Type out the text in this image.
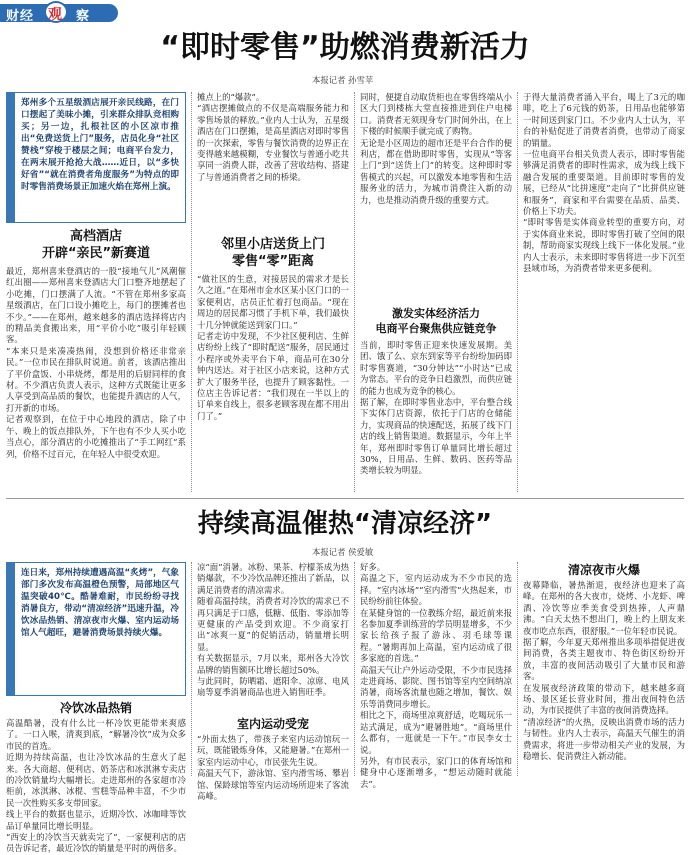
财经 观 察
“即时零售”助燃消费新活力
本报记者 孙雪苹
郑州多个五星级酒店展开亲民线路，在门口摆起了美味小摊，引来群众排队竞相购买；另一边，扎根社区的小区凉市推出“免费送货上门”服务，店员化身“社区赞栈”穿梭于楼层之间；电商平台发力，在两末展开抢抢大战……近日，以“多快好省”“就在消费者角度服务”为特点的即时零售消费场景正加速火焰在郑州上演。
高档酒店
开辟“亲民”新赛道
最近，郑州喜来登酒店的一股“接地气儿”风潮催红出圈——郑州喜来登酒店大门口整齐地摆起了小吃摊，门口摆满了人流。“不管在郑州多家高星级酒店，在门口设小摊吃上，每门的摆摊者也不少。”——在郑州，越来越多的酒店选择将店内的精品美食搬出来，用“平价小吃”吸引年轻顾客。
“本来只是来凑凑热闹，没想到价格还非常亲民。”一位市民在排队时说道。前者，该酒店推出了平价盒饭、小串烧烤，都是用的后厨同样的食材。不少酒店负责人表示，这种方式既能让更多人享受到高品质的餐饮，也能提升酒店的人气，打开新的市场。
记者观察到，在位于中心地段的酒店，除了中午、晚上的饭点排队外，下午也有不少人买小吃当点心，部分酒店的小吃摊推出了“手工网红”系列，价格不过百元，在年轻人中很受欢迎。
摊点上的“爆款”。
“酒店摆摊做点的不仅是高端服务能力和零售场景的释放。”业内人士认为，五星级酒店在门口摆摊，是高星酒店对即时零售的一次探索，零售与餐饮消费的边界正在变得越来越模糊，专业餐饮与普通小吃共享同一消费人群，改善了营收结构、搭建了与普通消费者之间的桥梁。
邻里小店送货上门
零售“零”距离
“做社区的生意，对接居民的需求才是长久之道。”在郑州市金水区某小区门口的一家便利店，店员正忙着打包商品。“现在周边的居民都习惯了手机下单，我们最快十几分钟就能送到家门口。”
记者走访中发现，不少社区便利店、生鲜店纷纷上线了“即时配送”服务，居民通过小程序或外卖平台下单，商品可在30分钟内送达。对于社区小店来说，这种方式扩大了服务半径，也提升了顾客黏性。一位店主告诉记者：“我们现在一半以上的订单来自线上，很多老顾客现在都不用出门了。”
同时，便捷自动取货柜也在零售终端从小区大门到楼栋大堂直接推进到住户电梯口。消费者无须现身专门时间外出，在上下楼的时候顺手就完成了购物。
无论是小区周边的超市还是平台合作的便利店，都在借助即时零售，实现从“等客上门”到“送货上门”的转变。这种即时零售模式的兴起，可以激发本地零售和生活服务业的活力，为城市消费注入新的动力，也是推动消费升级的重要方式。
激发实体经济活力
电商平台聚焦供应链竞争
当前，即时零售正迎来快速发展期。美团、饿了么、京东到家等平台纷纷加码即时零售赛道，“30分钟达”“小时达”已成为常态。平台的竞争日趋激烈，而供应链的能力也成为竞争的核心。
据了解，在即时零售业态中，平台整合线下实体门店资源，依托于门店的仓储能力，实现商品的快速配送，拓展了线下门店的线上销售渠道。数据显示，今年上半年，郑州即时零售订单量同比增长超过30%，日用品、生鲜、数码、医药等品类增长较为明显。
于得大量消费者涌入平台，喝上了3元的咖啡，吃上了6元钱的奶茶，日用品也能够第一时间送到家门口。不少业内人士认为，平台的补贴促进了消费者消费，也带动了商家的销量。
一位电商平台相关负责人表示，即时零售能够满足消费者的即时性需求，成为线上线下融合发展的重要渠道。目前即时零售的发展，已经从“比拼速度”走向了“比拼供应链和服务”，商家和平台需要在品质、品类、价格上下功夫。
“即时零售是实体商业转型的重要方向，对于实体商业来说，即时零售打破了空间的限制，帮助商家实现线上线下一体化发展。”业内人士表示，未来即时零售将进一步下沉至县域市场，为消费者带来更多便利。
持续高温催热“清凉经济”
本报记者 侯爱敏
连日来，郑州持续遭遇高温“炙烤”，气象部门多次发布高温橙色预警，局部地区气温突破40℃。酷暑难耐，市民纷纷寻找消暑良方，带动“清凉经济”迅速升温，冷饮冰品热销、清凉夜市火爆、室内运动场馆人气超旺，避暑消费场景持续火爆。
冷饮冰品热销
高温酷暑，没有什么比一杯冷饮更能带来爽感了。一口入喉，清爽到底，“解暑冷饮”成为众多市民的首选。
近期为持续高温，也让冷饮冰品的生意火了起来。各大商超、便利店、奶茶店和冰淇淋专卖店的冷饮销量均大幅增长。走进郑州的各家超市冷柜前，冰淇淋、冰棍、雪糕等品种丰富，不少市民一次性购买多支带回家。
线上平台的数据也显示，近期冷饮、冰咖啡等饮品订单量同比增长明显。
“西安上的冷饮当天就卖完了”，一家便利店的店员告诉记者，最近冷饮的销量是平时的两倍多。
凉“面”消暑。冰粉、果茶、柠檬茶成为热销爆款，不少冷饮品牌还推出了新品，以满足消费者的清凉需求。
随着高温持续，消费者对冷饮的需求已不再只满足于口感，低糖、低脂、零添加等更健康的产品受到欢迎。不少商家打出“冰爽一夏”的促销活动，销量增长明显。
有关数据显示，7月以来，郑州各大冷饮品牌的销售额环比增长超过50%。
与此同时，防晒霜、遮阳伞、凉席、电风扇等夏季消暑商品也进入销售旺季。
室内运动受宠
“外面太热了，带孩子来室内运动馆玩一玩，既能锻炼身体，又能避暑。”在郑州一家室内运动中心，市民张先生说。
高温天气下，游泳馆、室内滑雪场、攀岩馆、保龄球馆等室内运动场所迎来了客流高峰。
好多。
高温之下，室内运动成为不少市民的选择。“室内冰场”“室内滑雪”火热起来，市民纷纷前往体验。
在某健身馆的一位教练介绍，最近前来报名参加夏季训练营的学员明显增多，不少家长给孩子报了游泳、羽毛球等课程。“暑期再加上高温，室内运动成了很多家庭的首选。”
高温天气让户外运动受限，不少市民选择走进商场、影院、图书馆等室内空间纳凉消暑，商场客流量也随之增加，餐饮、娱乐等消费同步增长。
相比之下，商场里凉爽舒适，吃喝玩乐一站式满足，成为“避暑胜地”。“商场里什么都有，一逛就是一下午。”市民李女士说。
另外，有市民表示，家门口的体育场馆和健身中心逐渐增多，“想运动随时就能去”。
清凉夜市火爆
夜幕降临，暑热渐退，夜经济也迎来了高峰。在郑州的各大夜市，烧烤、小龙虾、啤酒、冷饮等应季美食受到热捧，人声鼎沸。“白天太热不想出门，晚上约上朋友来夜市吃点东西，很舒服。”一位年轻市民说。
据了解，今年夏天郑州推出多项举措促进夜间消费，各类主题夜市、特色街区纷纷开放，丰富的夜间活动吸引了大量市民和游客。
在发展夜经济政策的带动下，越来越多商场、景区延长营业时间，推出夜间特色活动，为市民提供了丰富的夜间消费选择。
“清凉经济”的火热，反映出消费市场的活力与韧性。业内人士表示，高温天气催生的消费需求，将进一步带动相关产业的发展，为稳增长、促消费注入新动能。
